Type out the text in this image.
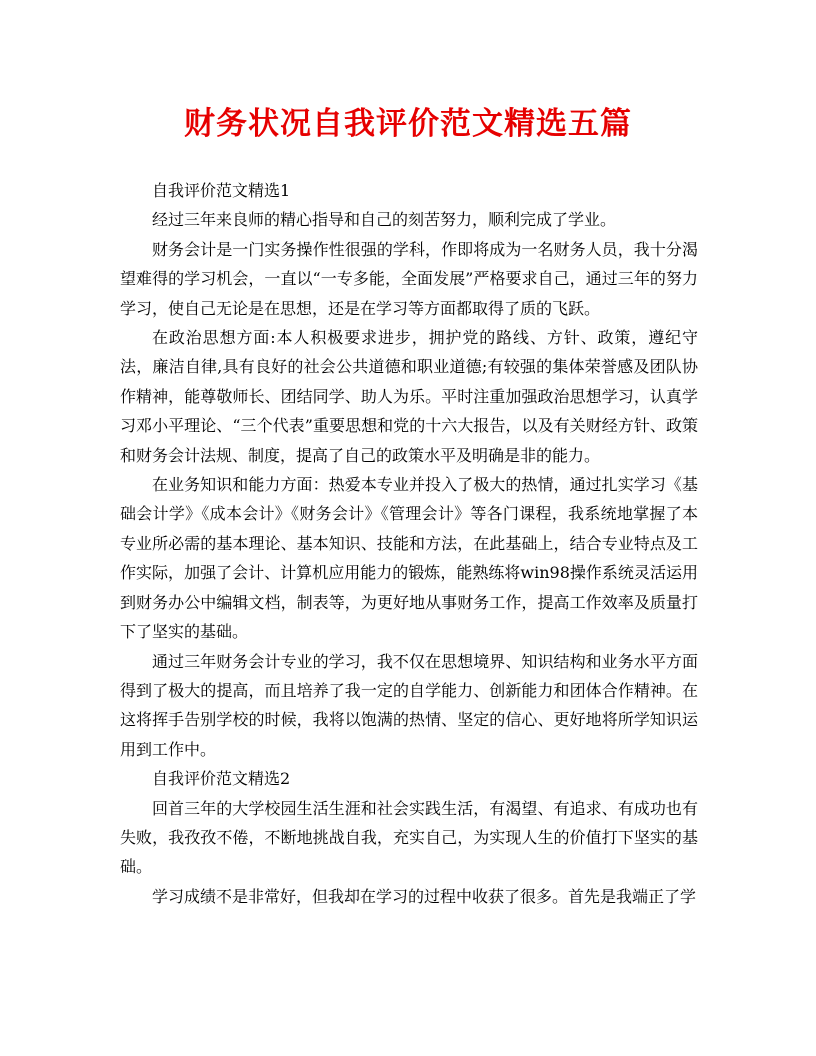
财务状况自我评价范文精选五篇

自我评价范文精选1

经过三年来良师的精心指导和自己的刻苦努力，顺利完成了学业。

财务会计是一门实务操作性很强的学科，作即将成为一名财务人员，我十分渴望难得的学习机会，一直以“一专多能，全面发展”严格要求自己，通过三年的努力学习，使自己无论是在思想，还是在学习等方面都取得了质的飞跃。

在政治思想方面:本人积极要求进步，拥护党的路线、方针、政策，遵纪守法，廉洁自律,具有良好的社会公共道德和职业道德;有较强的集体荣誉感及团队协作精神，能尊敬师长、团结同学、助人为乐。平时注重加强政治思想学习，认真学习邓小平理论、“三个代表”重要思想和党的十六大报告，以及有关财经方针、政策和财务会计法规、制度，提高了自己的政策水平及明确是非的能力。

在业务知识和能力方面：热爱本专业并投入了极大的热情，通过扎实学习《基础会计学》《成本会计》《财务会计》《管理会计》等各门课程，我系统地掌握了本专业所必需的基本理论、基本知识、技能和方法，在此基础上，结合专业特点及工作实际，加强了会计、计算机应用能力的锻炼，能熟练将win98操作系统灵活运用到财务办公中编辑文档，制表等，为更好地从事财务工作，提高工作效率及质量打下了坚实的基础。

通过三年财务会计专业的学习，我不仅在思想境界、知识结构和业务水平方面得到了极大的提高，而且培养了我一定的自学能力、创新能力和团体合作精神。在这将挥手告别学校的时候，我将以饱满的热情、坚定的信心、更好地将所学知识运用到工作中。

自我评价范文精选2

回首三年的大学校园生活生涯和社会实践生活，有渴望、有追求、有成功也有失败，我孜孜不倦，不断地挑战自我，充实自己，为实现人生的价值打下坚实的基础。

学习成绩不是非常好，但我却在学习的过程中收获了很多。首先是我端正了学
